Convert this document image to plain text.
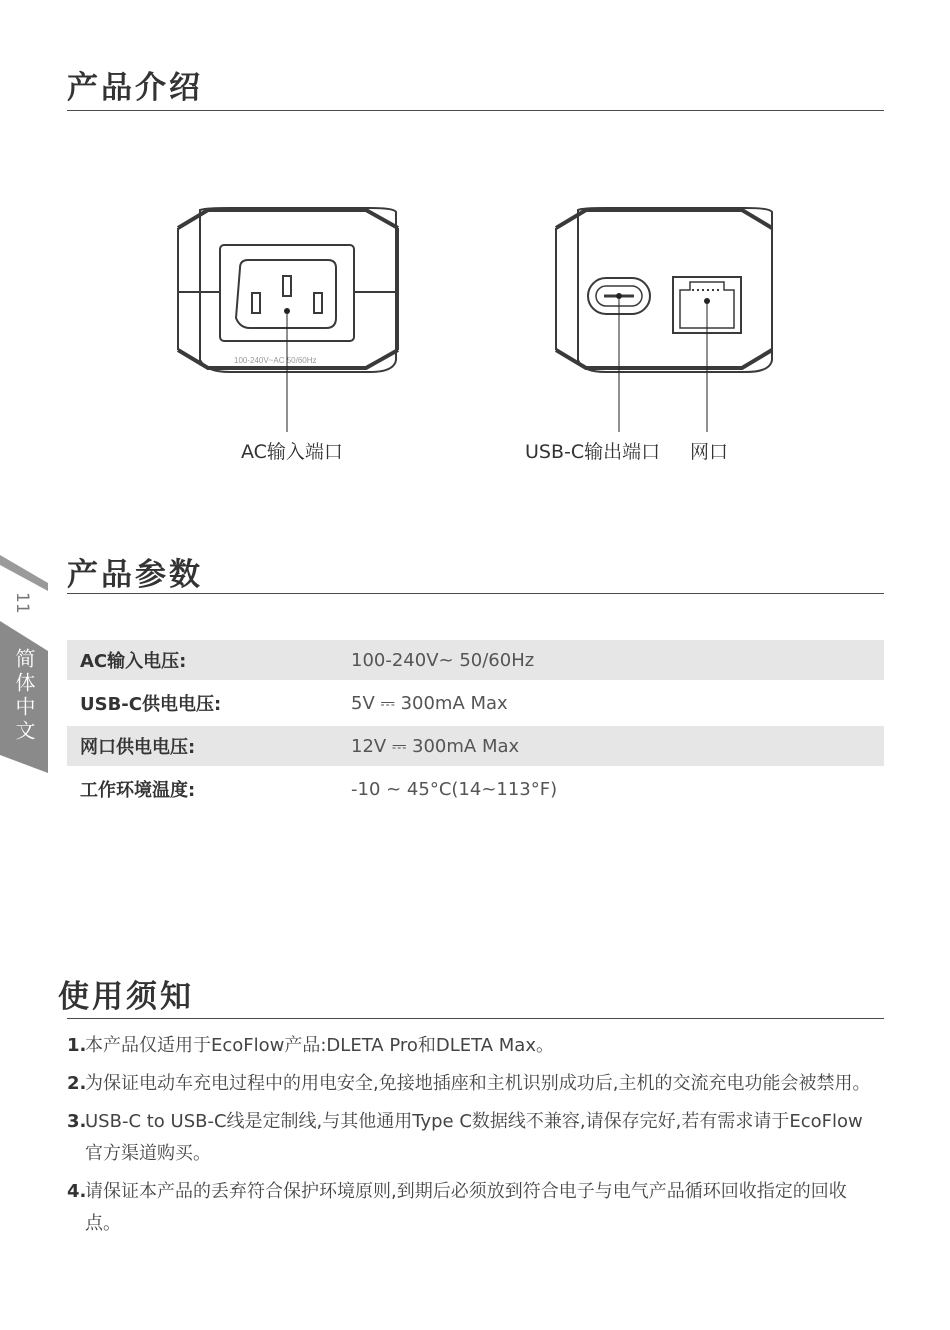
产品介绍
100-240V~AC 50/60Hz
AC输入端口	USB-C输出端口 网口
11
简体中文
产品参数
AC输入电压:	100-240V~ 50/60Hz
USB-C供电电压:	5V ⎓ 300mA Max
网口供电电压:	12V ⎓ 300mA Max
工作环境温度:	-10 ~ 45°C(14~113°F)
使用须知
1.
本产品仅适用于EcoFlow产品:DLETA Pro和DLETA Max。
2.
为保证电动车充电过程中的用电安全,免接地插座和主机识别成功后,主机的交流充电功能会被禁用。
3.
USB-C to USB-C线是定制线,与其他通用Type C数据线不兼容,请保存完好,若有需求请于EcoFlow官方渠道购买。
4.
请保证本产品的丢弃符合保护环境原则,到期后必须放到符合电子与电气产品循环回收指定的回收点。
